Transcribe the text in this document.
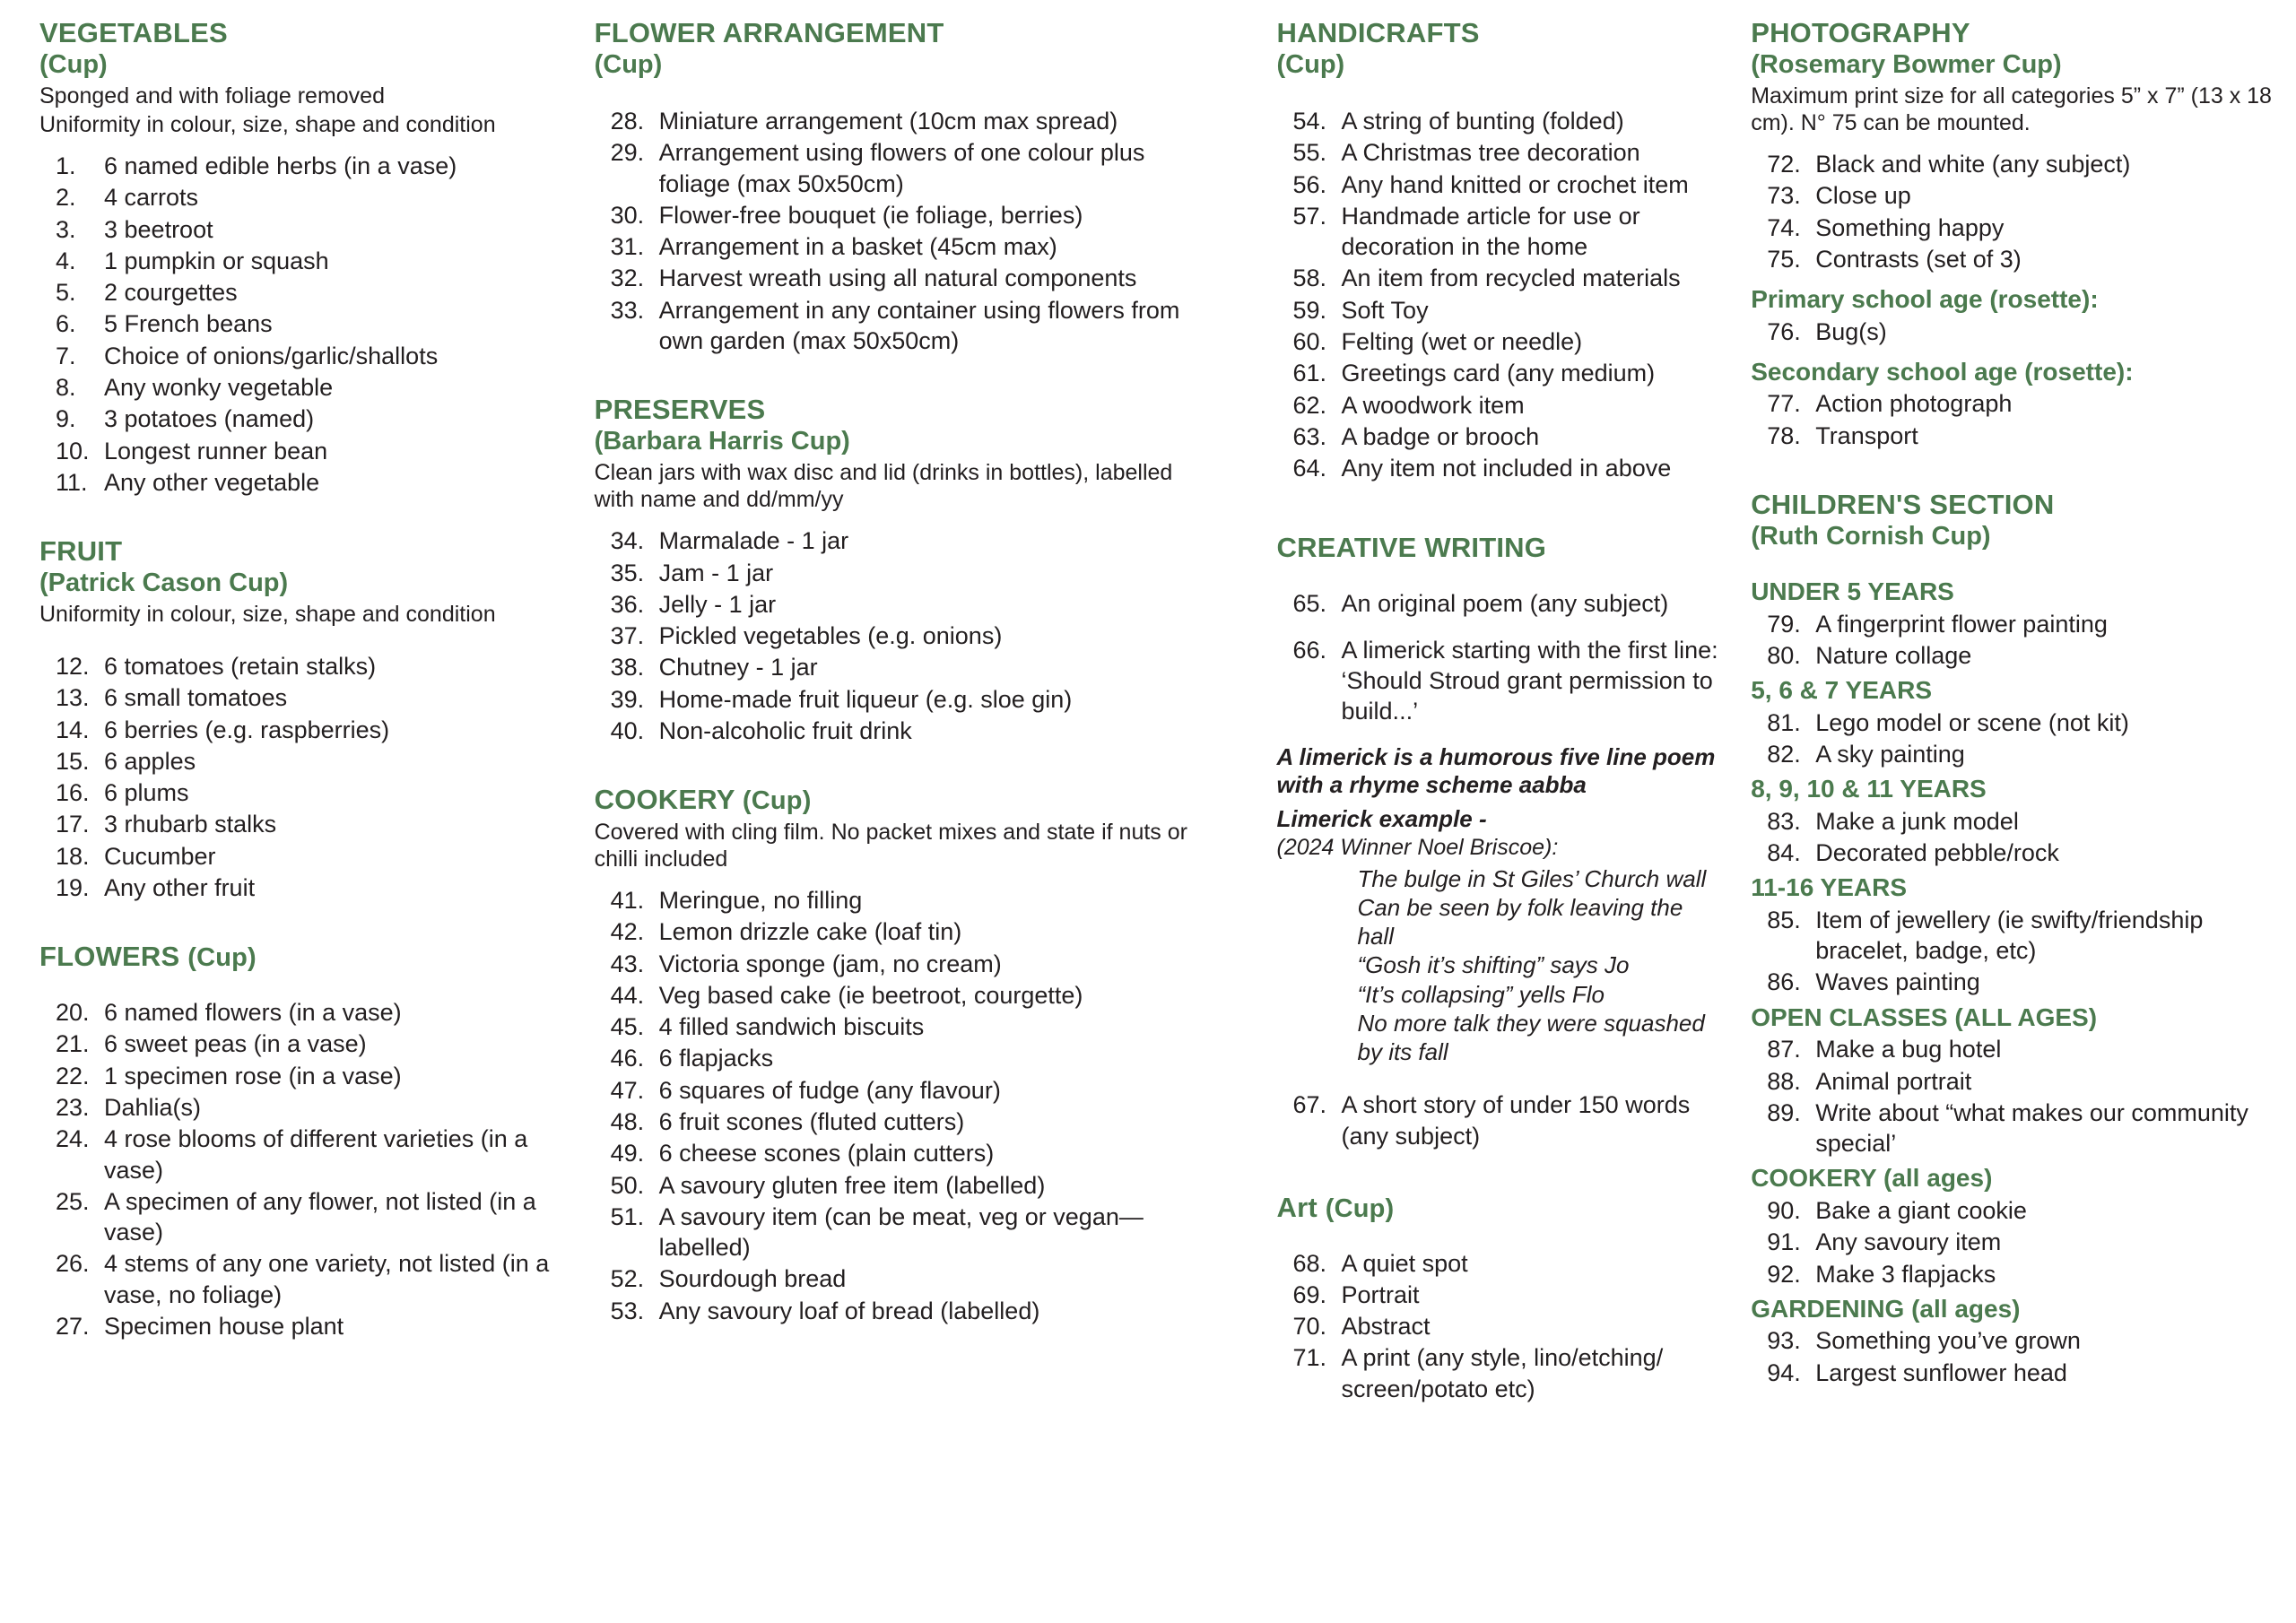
VEGETABLES
(Cup)
Sponged and with foliage removed
Uniformity in colour, size, shape and condition
1.	6 named edible herbs (in a vase)
2.	4 carrots
3.	3 beetroot
4.	1 pumpkin or squash
5.	2 courgettes
6.	5 French beans
7.	Choice of onions/garlic/shallots
8.	Any wonky vegetable
9.	3 potatoes (named)
10. Longest runner bean
11. Any other vegetable
FRUIT
(Patrick Cason Cup)
Uniformity in colour, size, shape and condition
12. 6 tomatoes (retain stalks)
13. 6 small tomatoes
14. 6 berries (e.g. raspberries)
15. 6 apples
16. 6 plums
17. 3 rhubarb stalks
18. Cucumber
19. Any other fruit
FLOWERS (Cup)
20. 6 named flowers (in a vase)
21. 6 sweet peas (in a vase)
22. 1 specimen rose (in a vase)
23. Dahlia(s)
24. 4 rose blooms of different varieties (in a vase)
25. A specimen of any flower, not listed (in a vase)
26. 4 stems of any one variety, not listed (in a vase, no foliage)
27. Specimen house plant
FLOWER ARRANGEMENT
(Cup)
28. Miniature arrangement (10cm max spread)
29. Arrangement using flowers of one colour plus foliage (max 50x50cm)
30. Flower-free bouquet (ie foliage, berries)
31. Arrangement in a basket (45cm max)
32. Harvest wreath using all natural components
33. Arrangement in any container using flowers from own garden (max 50x50cm)
PRESERVES
(Barbara Harris Cup)
Clean jars with wax disc and lid (drinks in bottles), labelled with name and dd/mm/yy
34. Marmalade - 1 jar
35. Jam - 1 jar
36. Jelly - 1 jar
37. Pickled vegetables (e.g. onions)
38. Chutney - 1 jar
39. Home-made fruit liqueur (e.g. sloe gin)
40. Non-alcoholic fruit drink
COOKERY (Cup)
Covered with cling film. No packet mixes and state if nuts or chilli included
41. Meringue, no filling
42. Lemon drizzle cake (loaf tin)
43. Victoria sponge (jam, no cream)
44. Veg based cake (ie beetroot, courgette)
45. 4 filled sandwich biscuits
46. 6 flapjacks
47. 6 squares of fudge (any flavour)
48. 6 fruit scones (fluted cutters)
49. 6 cheese scones (plain cutters)
50. A savoury gluten free item (labelled)
51. A savoury item (can be meat, veg or vegan—labelled)
52. Sourdough bread
53. Any savoury loaf of bread (labelled)
HANDICRAFTS
(Cup)
54. A string of bunting (folded)
55. A Christmas tree decoration
56. Any hand knitted or crochet item
57. Handmade article for use or decoration in the home
58. An item from recycled materials
59. Soft Toy
60. Felting (wet or needle)
61. Greetings card (any medium)
62. A woodwork item
63. A badge or brooch
64. Any item not included in above
CREATIVE WRITING
65. An original poem (any subject)
66. A limerick starting with the first line:
‘Should Stroud grant permission to build...’
A limerick is a humorous five line poem with a rhyme scheme aabba
Limerick example -
(2024 Winner Noel Briscoe):
The bulge in St Giles’ Church wall
Can be seen by folk leaving the hall
“Gosh it’s shifting” says Jo
“It’s collapsing” yells Flo
No more talk they were squashed
by its fall
67. A short story of under 150 words (any subject)
Art (Cup)
68. A quiet spot
69. Portrait
70. Abstract
71. A print (any style, lino/etching/ screen/potato etc)
PHOTOGRAPHY
(Rosemary Bowmer Cup)
Maximum print size for all categories 5” x 7” (13 x 18 cm). N° 75 can be mounted.
72. Black and white (any subject)
73. Close up
74. Something happy
75. Contrasts (set of 3)
Primary school age (rosette):
76. Bug(s)
Secondary school age (rosette):
77. Action photograph
78. Transport
CHILDREN'S SECTION
(Ruth Cornish Cup)
UNDER 5 YEARS
79. A fingerprint flower painting
80. Nature collage
5, 6 & 7 YEARS
81. Lego model or scene (not kit)
82. A sky painting
8, 9, 10 & 11 YEARS
83. Make a junk model
84. Decorated pebble/rock
11-16 YEARS
85. Item of jewellery (ie swifty/friendship bracelet, badge, etc)
86. Waves painting
OPEN CLASSES (ALL AGES)
87. Make a bug hotel
88. Animal portrait
89. Write about “what makes our community special’
COOKERY (all ages)
90. Bake a giant cookie
91. Any savoury item
92. Make 3 flapjacks
GARDENING (all ages)
93. Something you’ve grown
94. Largest sunflower head
